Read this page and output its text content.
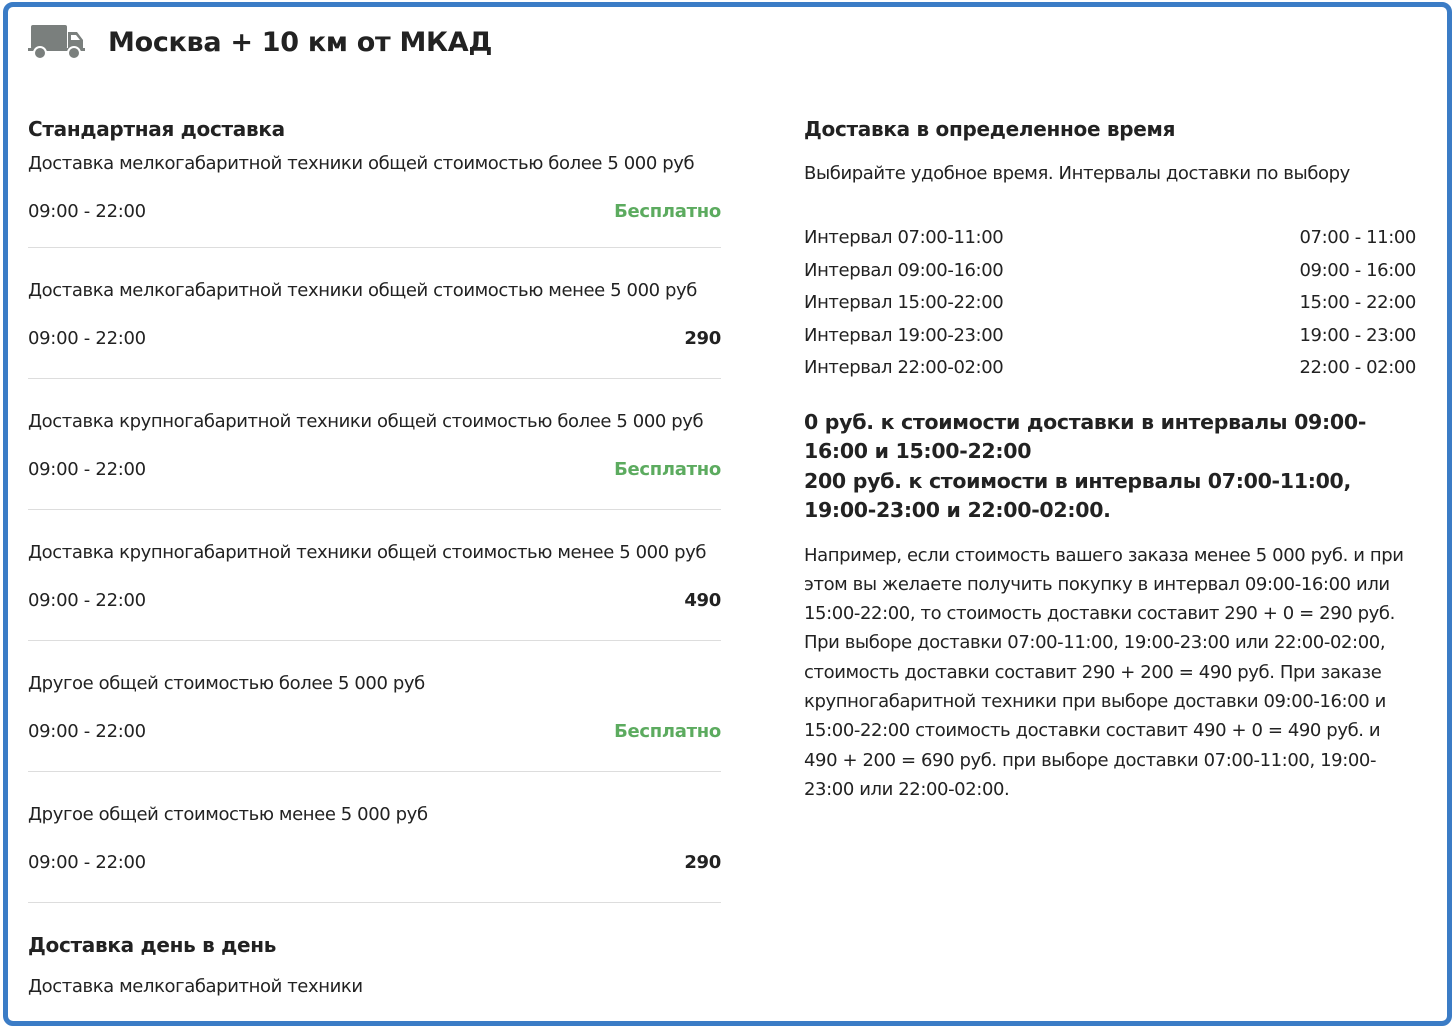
Москва + 10 км от МКАД
Стандартная доставка
Доставка мелкогабаритной техники общей стоимостью более 5 000 руб
09:00 - 22:00	Бесплатно
Доставка мелкогабаритной техники общей стоимостью менее 5 000 руб
09:00 - 22:00	290
Доставка крупногабаритной техники общей стоимостью более 5 000 руб
09:00 - 22:00	Бесплатно
Доставка крупногабаритной техники общей стоимостью менее 5 000 руб
09:00 - 22:00	490
Другое общей стоимостью более 5 000 руб
09:00 - 22:00	Бесплатно
Другое общей стоимостью менее 5 000 руб
09:00 - 22:00	290
Доставка день в день
Доставка мелкогабаритной техники
Доставка в определенное время
Выбирайте удобное время. Интервалы доставки по выбору
Интервал 07:00-11:00	07:00 - 11:00
Интервал 09:00-16:00	09:00 - 16:00
Интервал 15:00-22:00	15:00 - 22:00
Интервал 19:00-23:00	19:00 - 23:00
Интервал 22:00-02:00	22:00 - 02:00
0 руб. к стоимости доставки в интервалы 09:00-16:00 и 15:00-22:00
200 руб. к стоимости в интервалы 07:00-11:00, 19:00-23:00 и 22:00-02:00.
Например, если стоимость вашего заказа менее 5 000 руб. и при этом вы желаете получить покупку в интервал 09:00-16:00 или 15:00-22:00, то стоимость доставки составит 290 + 0 = 290 руб. При выборе доставки 07:00-11:00, 19:00-23:00 или 22:00-02:00, стоимость доставки составит 290 + 200 = 490 руб. При заказе крупногабаритной техники при выборе доставки 09:00-16:00 и 15:00-22:00 стоимость доставки составит 490 + 0 = 490 руб. и 490 + 200 = 690 руб. при выборе доставки 07:00-11:00, 19:00-23:00 или 22:00-02:00.
